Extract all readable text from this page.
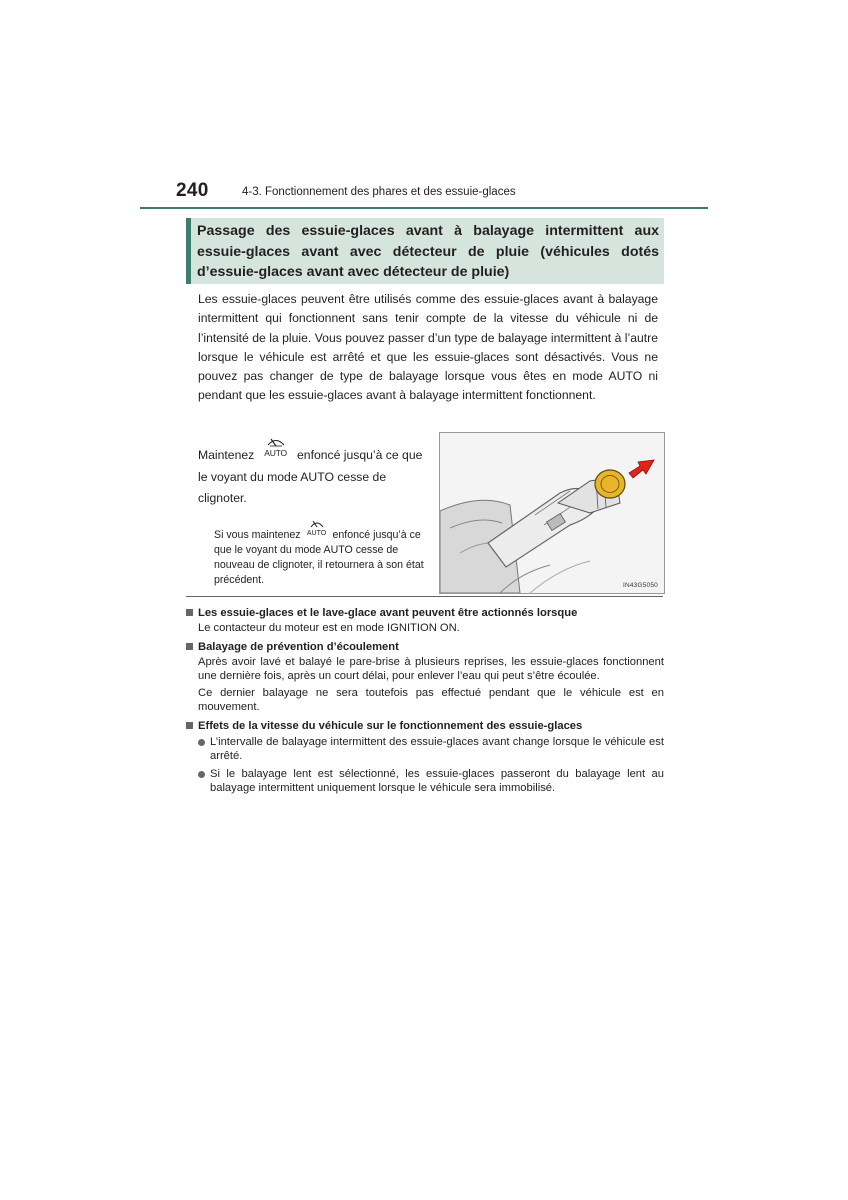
240	4-3. Fonctionnement des phares et des essuie-glaces
Passage des essuie-glaces avant à balayage intermittent aux essuie-glaces avant avec détecteur de pluie (véhicules dotés d’essuie-glaces avant avec détecteur de pluie)
Les essuie-glaces peuvent être utilisés comme des essuie-glaces avant à balayage intermittent qui fonctionnent sans tenir compte de la vitesse du véhicule ni de l’intensité de la pluie. Vous pouvez passer d’un type de balayage intermittent à l’autre lorsque le véhicule est arrêté et que les essuie-glaces sont désactivés. Vous ne pouvez pas changer de type de balayage lorsque vous êtes en mode AUTO ni pendant que les essuie-glaces avant à balayage intermittent fonctionnent.
Maintenez	AUTO enfoncé jusqu’à ce que le voyant du mode AUTO cesse de clignoter.
Si vous maintenez AUTO enfoncé jusqu’à ce que le voyant du mode AUTO cesse de nouveau de clignoter, il retournera à son état précédent.	IN43G5050
Les essuie-glaces et le lave-glace avant peuvent être actionnés lorsque
Le contacteur du moteur est en mode IGNITION ON.
Balayage de prévention d’écoulement
Après avoir lavé et balayé le pare-brise à plusieurs reprises, les essuie-glaces fonctionnent une dernière fois, après un court délai, pour enlever l’eau qui peut s’être écoulée.
Ce dernier balayage ne sera toutefois pas effectué pendant que le véhicule est en mouvement.
Effets de la vitesse du véhicule sur le fonctionnement des essuie-glaces
L’intervalle de balayage intermittent des essuie-glaces avant change lorsque le véhicule est arrêté.
Si le balayage lent est sélectionné, les essuie-glaces passeront du balayage lent au balayage intermittent uniquement lorsque le véhicule sera immobilisé.
